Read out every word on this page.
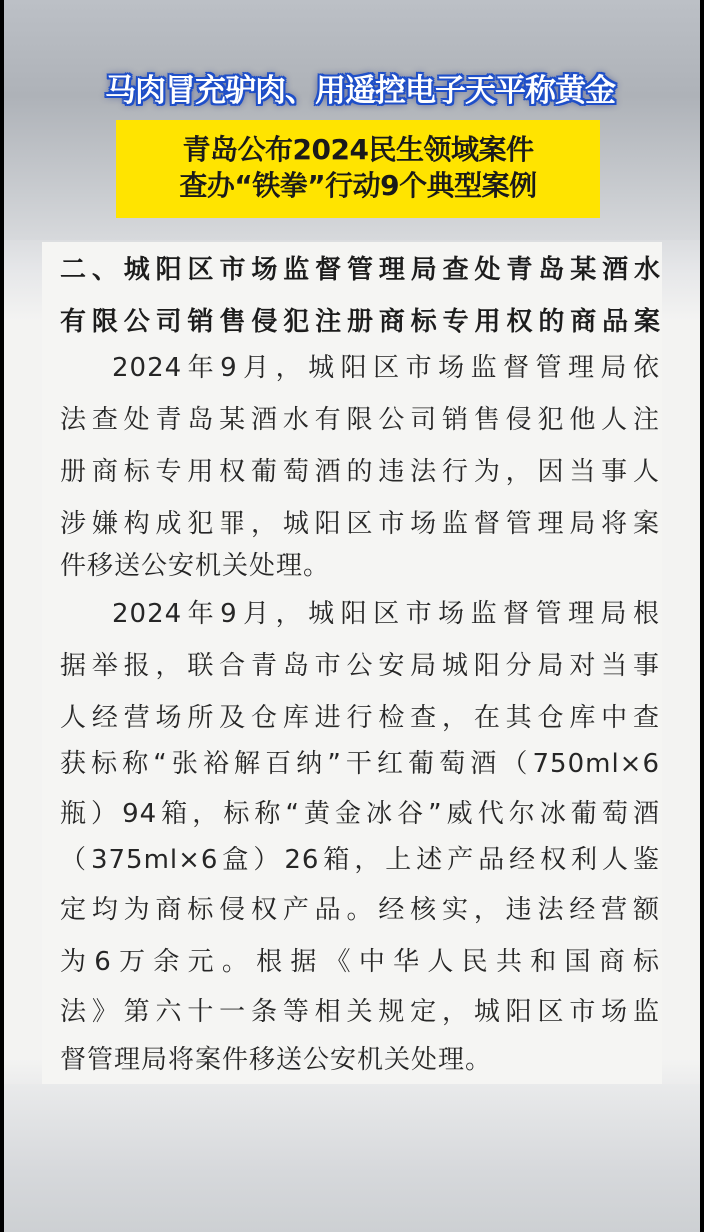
马肉冒充驴肉、用遥控电子天平称黄金
青岛公布2024民生领域案件
查办“铁拳”行动9个典型案例
二、城阳区市场监督管理局查处青岛某酒水
有限公司销售侵犯注册商标专用权的商品案
2024年9月，城阳区市场监督管理局依
法查处青岛某酒水有限公司销售侵犯他人注
册商标专用权葡萄酒的违法行为，因当事人
涉嫌构成犯罪，城阳区市场监督管理局将案
件移送公安机关处理。
2024年9月，城阳区市场监督管理局根
据举报，联合青岛市公安局城阳分局对当事
人经营场所及仓库进行检查，在其仓库中查
获标称“张裕解百纳”干红葡萄酒（750ml×6
瓶）94箱，标称“黄金冰谷”威代尔冰葡萄酒
（375ml×6盒）26箱，上述产品经权利人鉴
定均为商标侵权产品。经核实，违法经营额
为6万余元。根据《中华人民共和国商标
法》第六十一条等相关规定，城阳区市场监
督管理局将案件移送公安机关处理。
